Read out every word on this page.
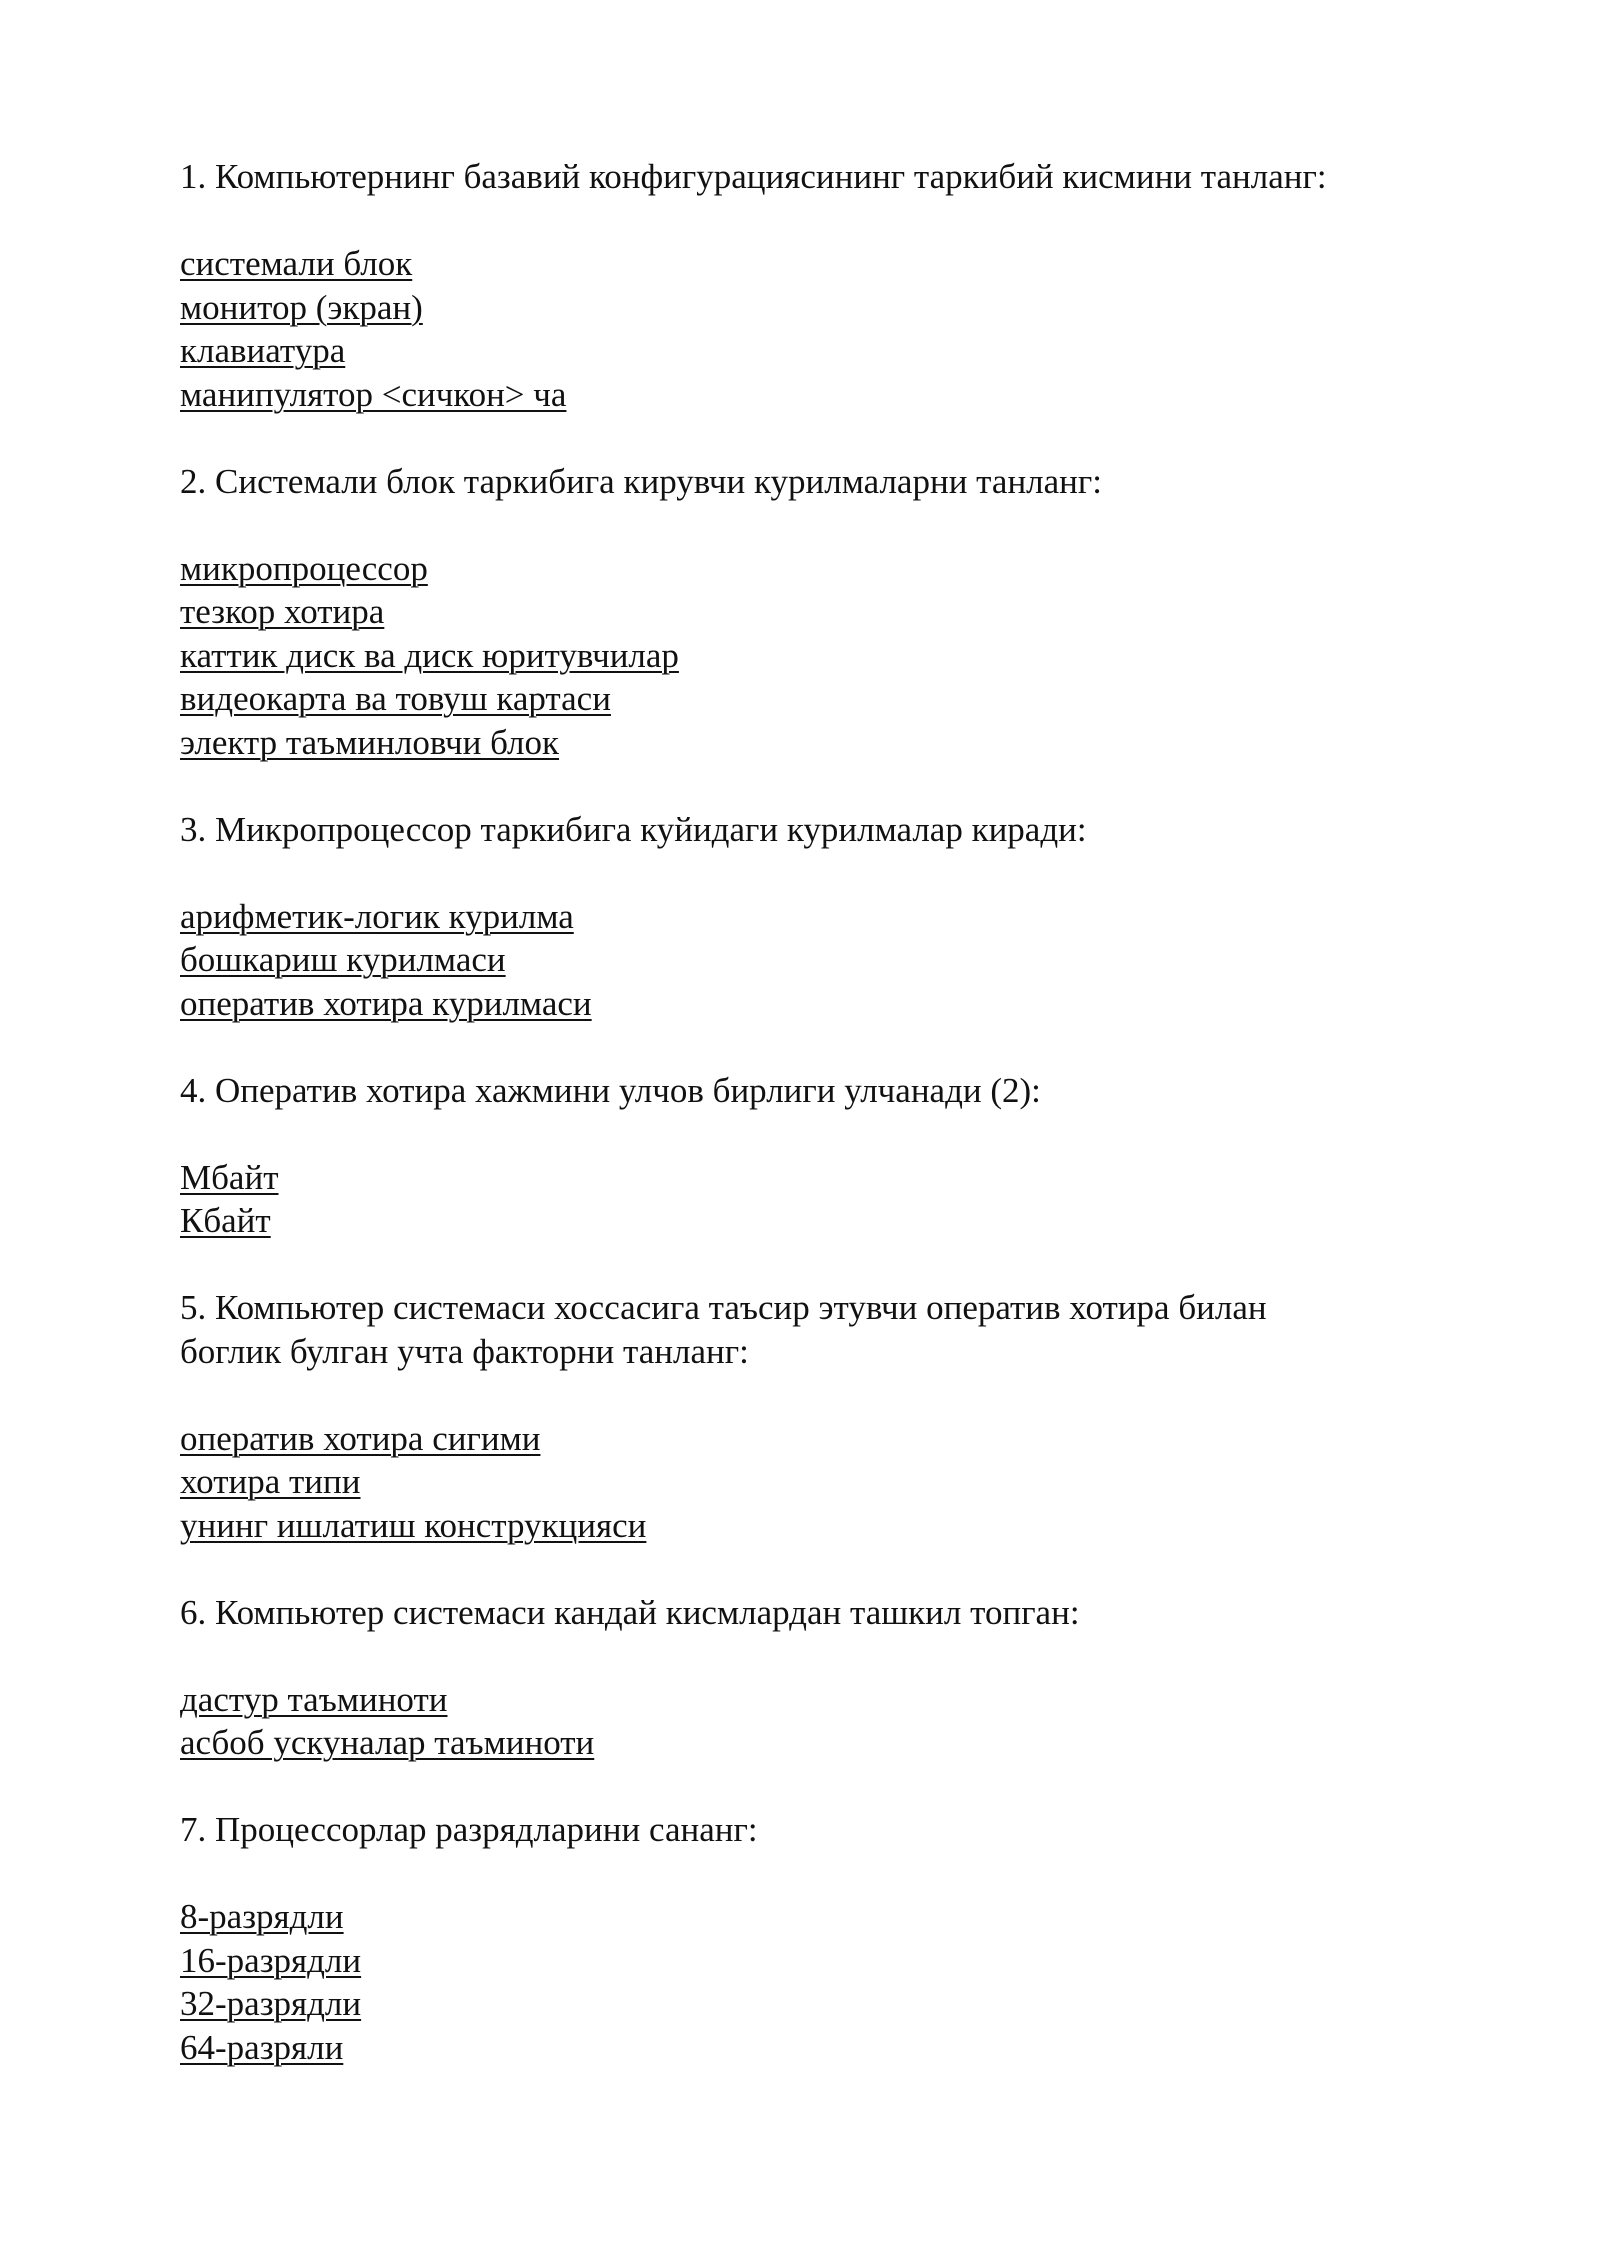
1. Компьютернинг базавий конфигурациясининг таркибий кисмини танланг:

системали блок
монитор (экран)
клавиатура
манипулятор <сичкон> ча

2. Системали блок таркибига кирувчи курилмаларни танланг:

микропроцессор
тезкор хотира
каттик диск ва диск юритувчилар
видеокарта ва товуш картаси
электр таъминловчи блок

3. Микропроцессор таркибига куйидаги курилмалар киради:

арифметик-логик курилма
бошкариш курилмаси
оператив хотира курилмаси

4. Оператив хотира хажмини улчов бирлиги улчанади (2):

Мбайт
Кбайт

5. Компьютер системаси хоссасига таъсир этувчи оператив хотира билан
боглик булган учта факторни танланг:

оператив хотира сигими
хотира типи
унинг ишлатиш конструкцияси

6. Компьютер системаси кандай кисмлардан ташкил топган:

дастур таъминоти
асбоб ускуналар таъминоти

7. Процессорлар разрядларини сананг:

8-разрядли
16-разрядли
32-разрядли
64-разряли
